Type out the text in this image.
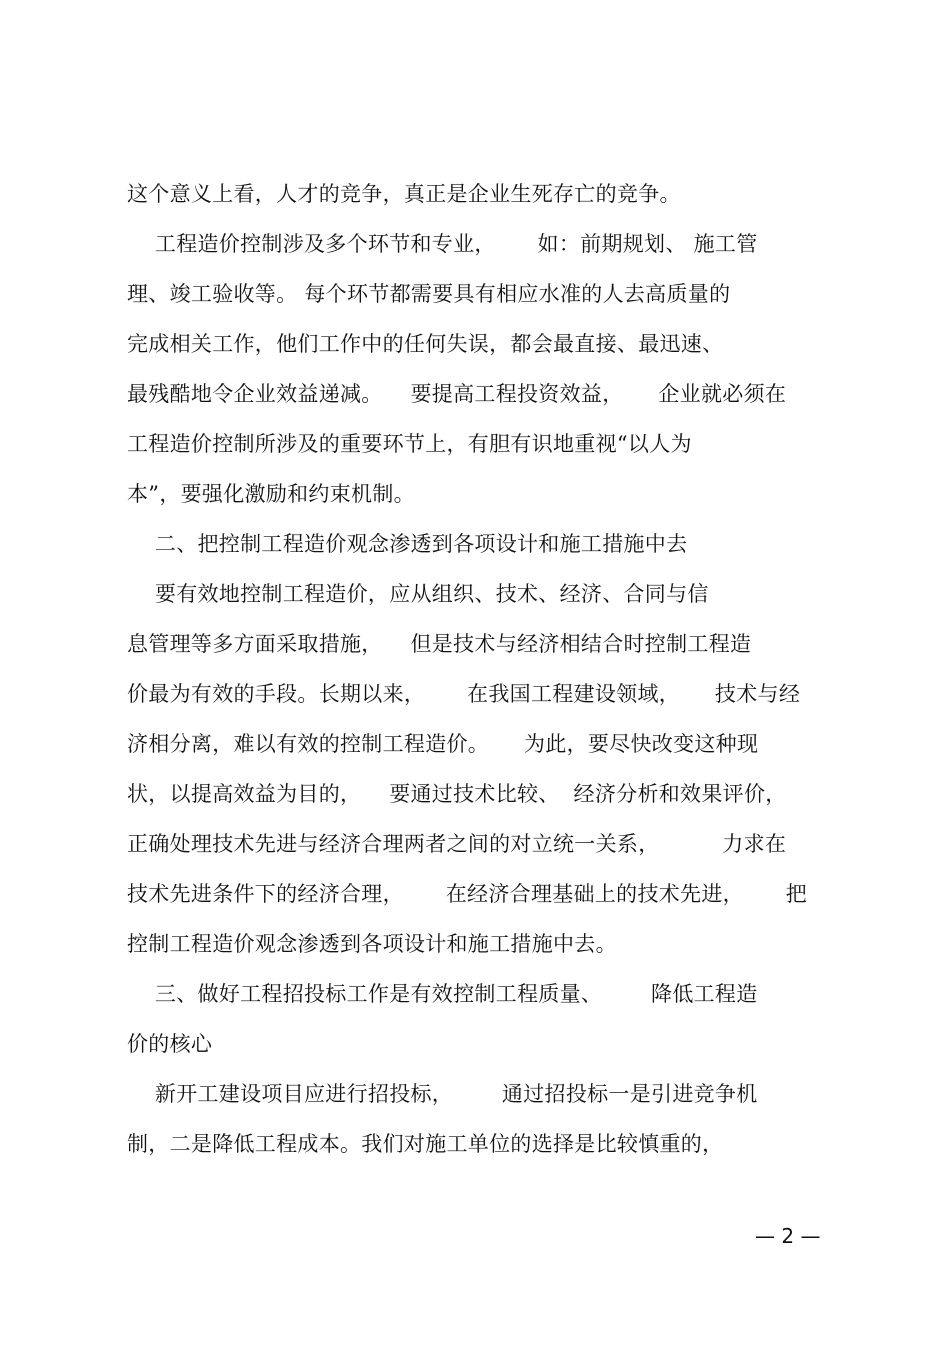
这个意义上看，人才的竞争，真正是企业生死存亡的竞争。
工程造价控制涉及多个环节和专业，      如：前期规划、 施工管
理、竣工验收等。 每个环节都需要具有相应水准的人去高质量的
完成相关工作，他们工作中的任何失误，都会最直接、最迅速、
最残酷地令企业效益递减。    要提高工程投资效益，     企业就必须在
工程造价控制所涉及的重要环节上，有胆有识地重视“以人为
本”，要强化激励和约束机制。
二、把控制工程造价观念渗透到各项设计和施工措施中去
要有效地控制工程造价，应从组织、技术、经济、合同与信
息管理等多方面采取措施，    但是技术与经济相结合时控制工程造
价最为有效的手段。长期以来，      在我国工程建设领域，     技术与经
济相分离，难以有效的控制工程造价。     为此，要尽快改变这种现
状，以提高效益为目的，    要通过技术比较、  经济分析和效果评价，
正确处理技术先进与经济合理两者之间的对立统一关系，         力求在
技术先进条件下的经济合理，      在经济合理基础上的技术先进，      把
控制工程造价观念渗透到各项设计和施工措施中去。
三、做好工程招投标工作是有效控制工程质量、       降低工程造
价的核心
新开工建设项目应进行招投标，       通过招投标一是引进竞争机
制，二是降低工程成本。我们对施工单位的选择是比较慎重的，
— 2 —
